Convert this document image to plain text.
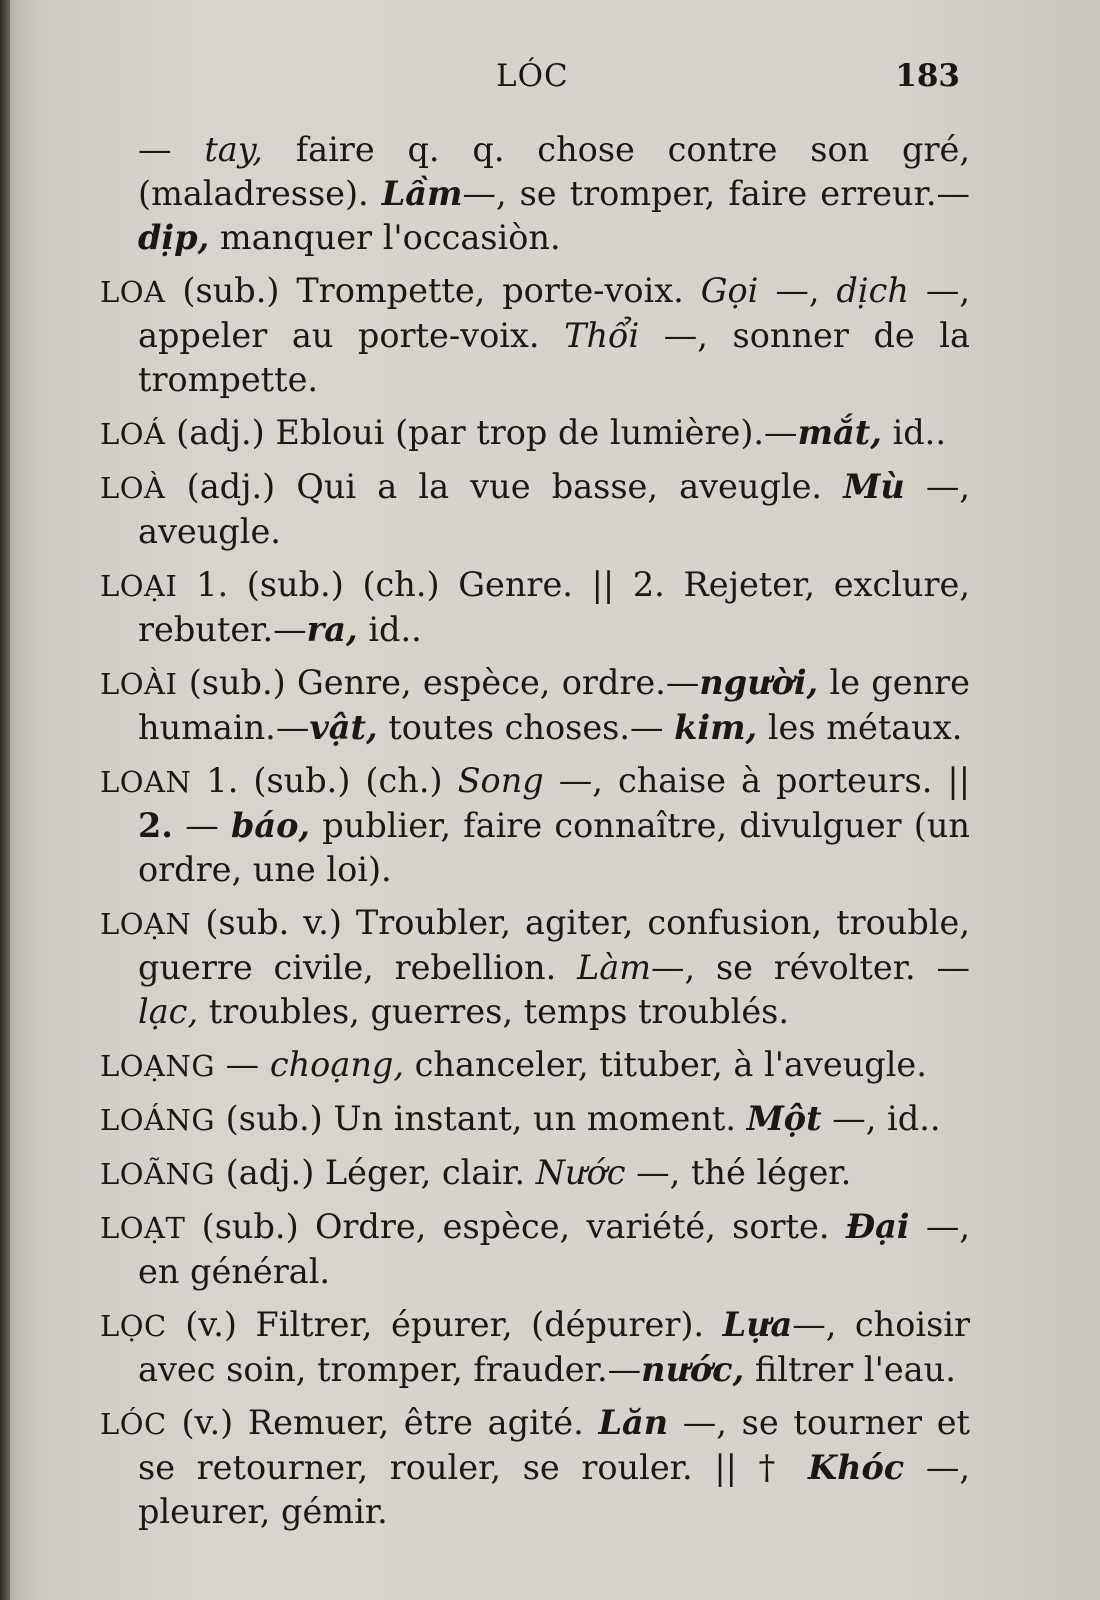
LÓC	183

— tay, faire q. q. chose contre son gré, (maladresse). Lầm—, se tromper, faire erreur.—dịp, manquer l'occasiòn.

LOA (sub.) Trompette, porte-voix. Gọi —, dịch —, appeler au porte-voix. Thổi —, sonner de la trompette.

LOÁ (adj.) Ebloui (par trop de lumière).—mắt, id..

LOÀ (adj.) Qui a la vue basse, aveugle. Mù —, aveugle.

LOẠI 1. (sub.) (ch.) Genre. || 2. Rejeter, exclure, rebuter.—ra, id..

LOÀI (sub.) Genre, espèce, ordre.—người, le genre humain.—vật, toutes choses.— kim, les métaux.

LOAN 1. (sub.) (ch.) Song —, chaise à porteurs. || 2. — báo, publier, faire connaître, divulguer (un ordre, une loi).

LOẠN (sub. v.) Troubler, agiter, confusion, trouble, guerre civile, rebellion. Làm—, se révolter. — lạc, troubles, guerres, temps troublés.

LOẠNG — choạng, chanceler, tituber, à l'aveugle.

LOÁNG (sub.) Un instant, un moment. Một —, id..

LOÃNG (adj.) Léger, clair. Nước —, thé léger.

LOẠT (sub.) Ordre, espèce, variété, sorte. Đại —, en général.

LỌC (v.) Filtrer, épurer, (dépurer). Lựa—, choisir avec soin, tromper, frauder.—nước, filtrer l'eau.

LÓC (v.) Remuer, être agité. Lăn —, se tourner et se retourner, rouler, se rouler. || † Khóc —, pleurer, gémir.
